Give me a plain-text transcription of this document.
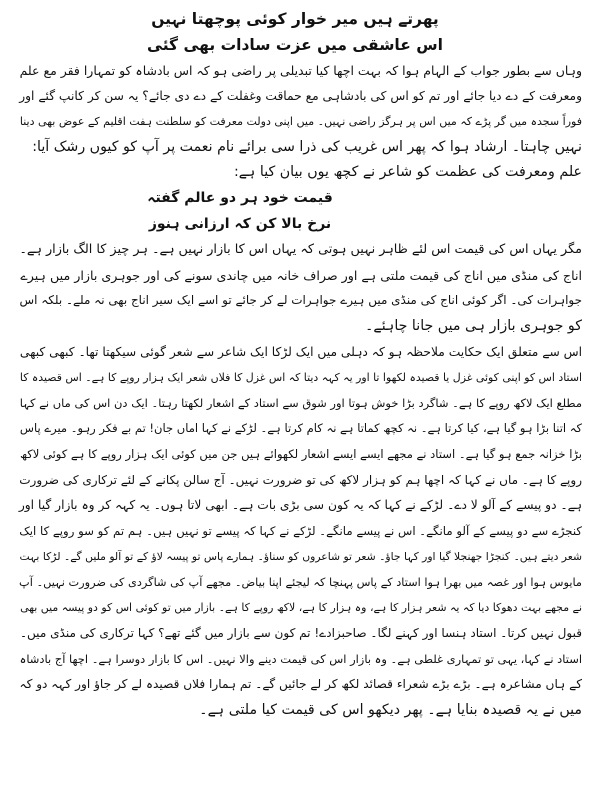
پھرتے ہیں میر خوار کوئی پوچھتا نہیں
اس عاشقی میں عزت سادات بھی گئی
وہاں سے بطور جواب کے الہام ہوا کہ بہت اچھا کیا تبدیلی پر راضی ہو کہ اس بادشاہ کو تمہارا فقر مع علم
ومعرفت کے دے دیا جائے اور تم کو اس کی بادشاہی مع حماقت وغفلت کے دے دی جائے؟ یہ سن کر کانپ گئے اور
فوراً سجدہ میں گر پڑے کہ میں اس پر ہرگز راضی نہیں۔ میں اپنی دولت معرفت کو سلطنت ہفت اقلیم کے عوض بھی دینا
نہیں چاہتا۔ ارشاد ہوا کہ پھر اس غریب کی ذرا سی برائے نام نعمت پر آپ کو کیوں رشک آیا:
علم ومعرفت کی عظمت کو شاعر نے کچھ یوں بیان کیا ہے:
قیمت خود ہر دو عالم گفتہ
نرخ بالا کن کہ ارزانی ہنوز
مگر یہاں اس کی قیمت اس لئے ظاہر نہیں ہوتی کہ یہاں اس کا بازار نہیں ہے۔ ہر چیز کا الگ بازار ہے۔
اناج کی منڈی میں اناج کی قیمت ملتی ہے اور صراف خانہ میں چاندی سونے کی اور جوہری بازار میں ہیرے
جواہرات کی۔ اگر کوئی اناج کی منڈی میں ہیرے جواہرات لے کر جائے تو اسے ایک سیر اناج بھی نہ ملے۔ بلکہ اس
کو جوہری بازار ہی میں جانا چاہئے۔
اس سے متعلق ایک حکایت ملاحظہ ہو کہ دہلی میں ایک لڑکا ایک شاعر سے شعر گوئی سیکھتا تھا۔ کبھی کبھی
استاد اس کو اپنی کوئی غزل یا قصیدہ لکھوا تا اور یہ کہہ دیتا کہ اس غزل کا فلاں شعر ایک ہزار روپے کا ہے۔ اس قصیدہ کا
مطلع ایک لاکھ روپے کا ہے۔ شاگرد بڑا خوش ہوتا اور شوق سے استاد کے اشعار لکھتا رہتا۔ ایک دن اس کی ماں نے کہا
کہ اتنا بڑا ہو گیا ہے، کیا کرتا ہے۔ نہ کچھ کماتا ہے نہ کام کرتا ہے۔ لڑکے نے کہا اماں جان! تم بے فکر رہو۔ میرے پاس
بڑا خزانہ جمع ہو گیا ہے۔ استاد نے مجھے ایسے ایسے اشعار لکھوائے ہیں جن میں کوئی ایک ہزار روپے کا ہے کوئی لاکھ
روپے کا ہے۔ ماں نے کہا کہ اچھا ہم کو ہزار لاکھ کی تو ضرورت نہیں۔ آج سالن پکانے کے لئے ترکاری کی ضرورت
ہے۔ دو پیسے کے آلو لا دے۔ لڑکے نے کہا کہ یہ کون سی بڑی بات ہے۔ ابھی لاتا ہوں۔ یہ کہہ کر وہ بازار گیا اور
کنجڑے سے دو پیسے کے آلو مانگے۔ اس نے پیسے مانگے۔ لڑکے نے کہا کہ پیسے تو نہیں ہیں۔ ہم تم کو سو روپے کا ایک
شعر دیتے ہیں۔ کنجڑا جھنجلا گیا اور کہا جاؤ۔ شعر تو شاعروں کو سناؤ۔ ہمارے پاس تو پیسہ لاؤ کے تو آلو ملیں گے۔ لڑکا بہت
مایوس ہوا اور غصہ میں بھرا ہوا استاد کے پاس پہنچا کہ لیجئے اپنا بیاض۔ مجھے آپ کی شاگردی کی ضرورت نہیں۔ آپ
نے مجھے بہت دھوکا دیا کہ یہ شعر ہزار کا ہے، وہ ہزار کا ہے، لاکھ روپے کا ہے۔ بازار میں تو کوئی اس کو دو پیسہ میں بھی
قبول نہیں کرتا۔ استاد ہنسا اور کہنے لگا۔ صاحبزادے! تم کون سے بازار میں گئے تھے؟ کہا ترکاری کی منڈی میں۔
استاد نے کہا، یہی تو تمہاری غلطی ہے۔ وہ بازار اس کی قیمت دینے والا نہیں۔ اس کا بازار دوسرا ہے۔ اچھا آج بادشاہ
کے ہاں مشاعرہ ہے۔ بڑے بڑے شعراء قصائد لکھ کر لے جائیں گے۔ تم ہمارا فلاں قصیدہ لے کر جاؤ اور کہہ دو کہ
میں نے یہ قصیدہ بنایا ہے۔ پھر دیکھو اس کی قیمت کیا ملتی ہے۔
